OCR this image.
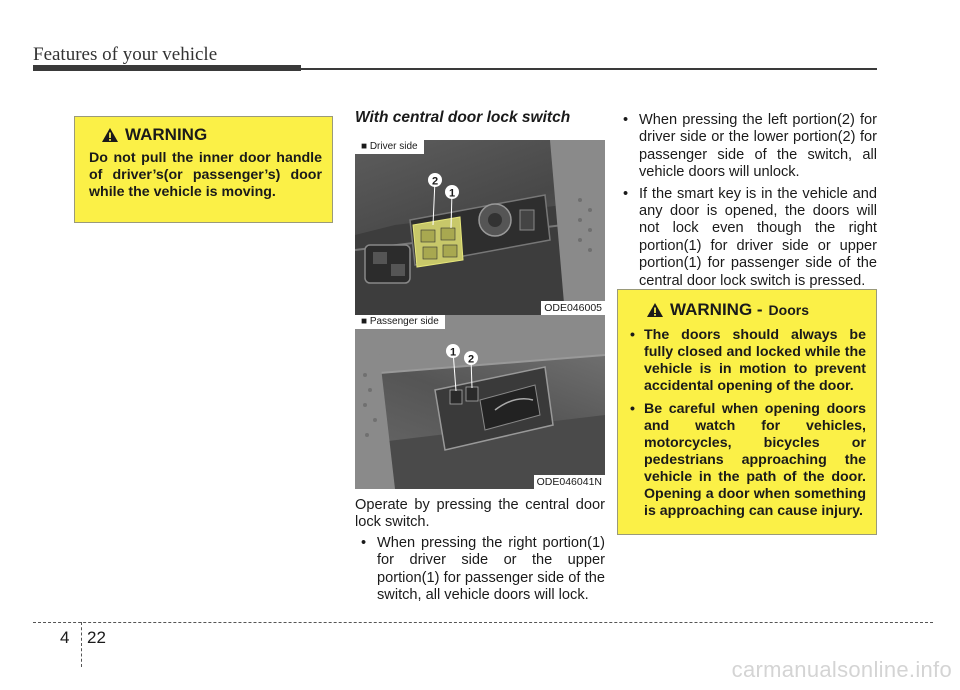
Features of your vehicle
WARNING
Do not pull the inner door handle of driver’s(or passenger’s) door while the vehicle is moving.
With central door lock switch
2
1
■ Driver side
ODE046005
1
2
■ Passenger side
ODE046041N
Operate by pressing the central door lock switch.
• When pressing the right portion(1) for driver side or the upper portion(1) for passenger side of the switch, all vehicle doors will lock.
• When pressing the left portion(2) for driver side or the lower portion(2) for passenger side of the switch, all vehicle doors will unlock.
• If the smart key is in the vehicle and any door is opened, the doors will not lock even though the right portion(1) for driver side or upper portion(1) for passenger side of the central door lock switch is pressed.
WARNING - Doors
• The doors should always be fully closed and locked while the vehicle is in motion to prevent accidental opening of the door.
• Be careful when opening doors and watch for vehicles, motorcycles, bicycles or pedestrians approaching the vehicle in the path of the door. Opening a door when something is approaching can cause injury.
4 22
carmanualsonline.info
